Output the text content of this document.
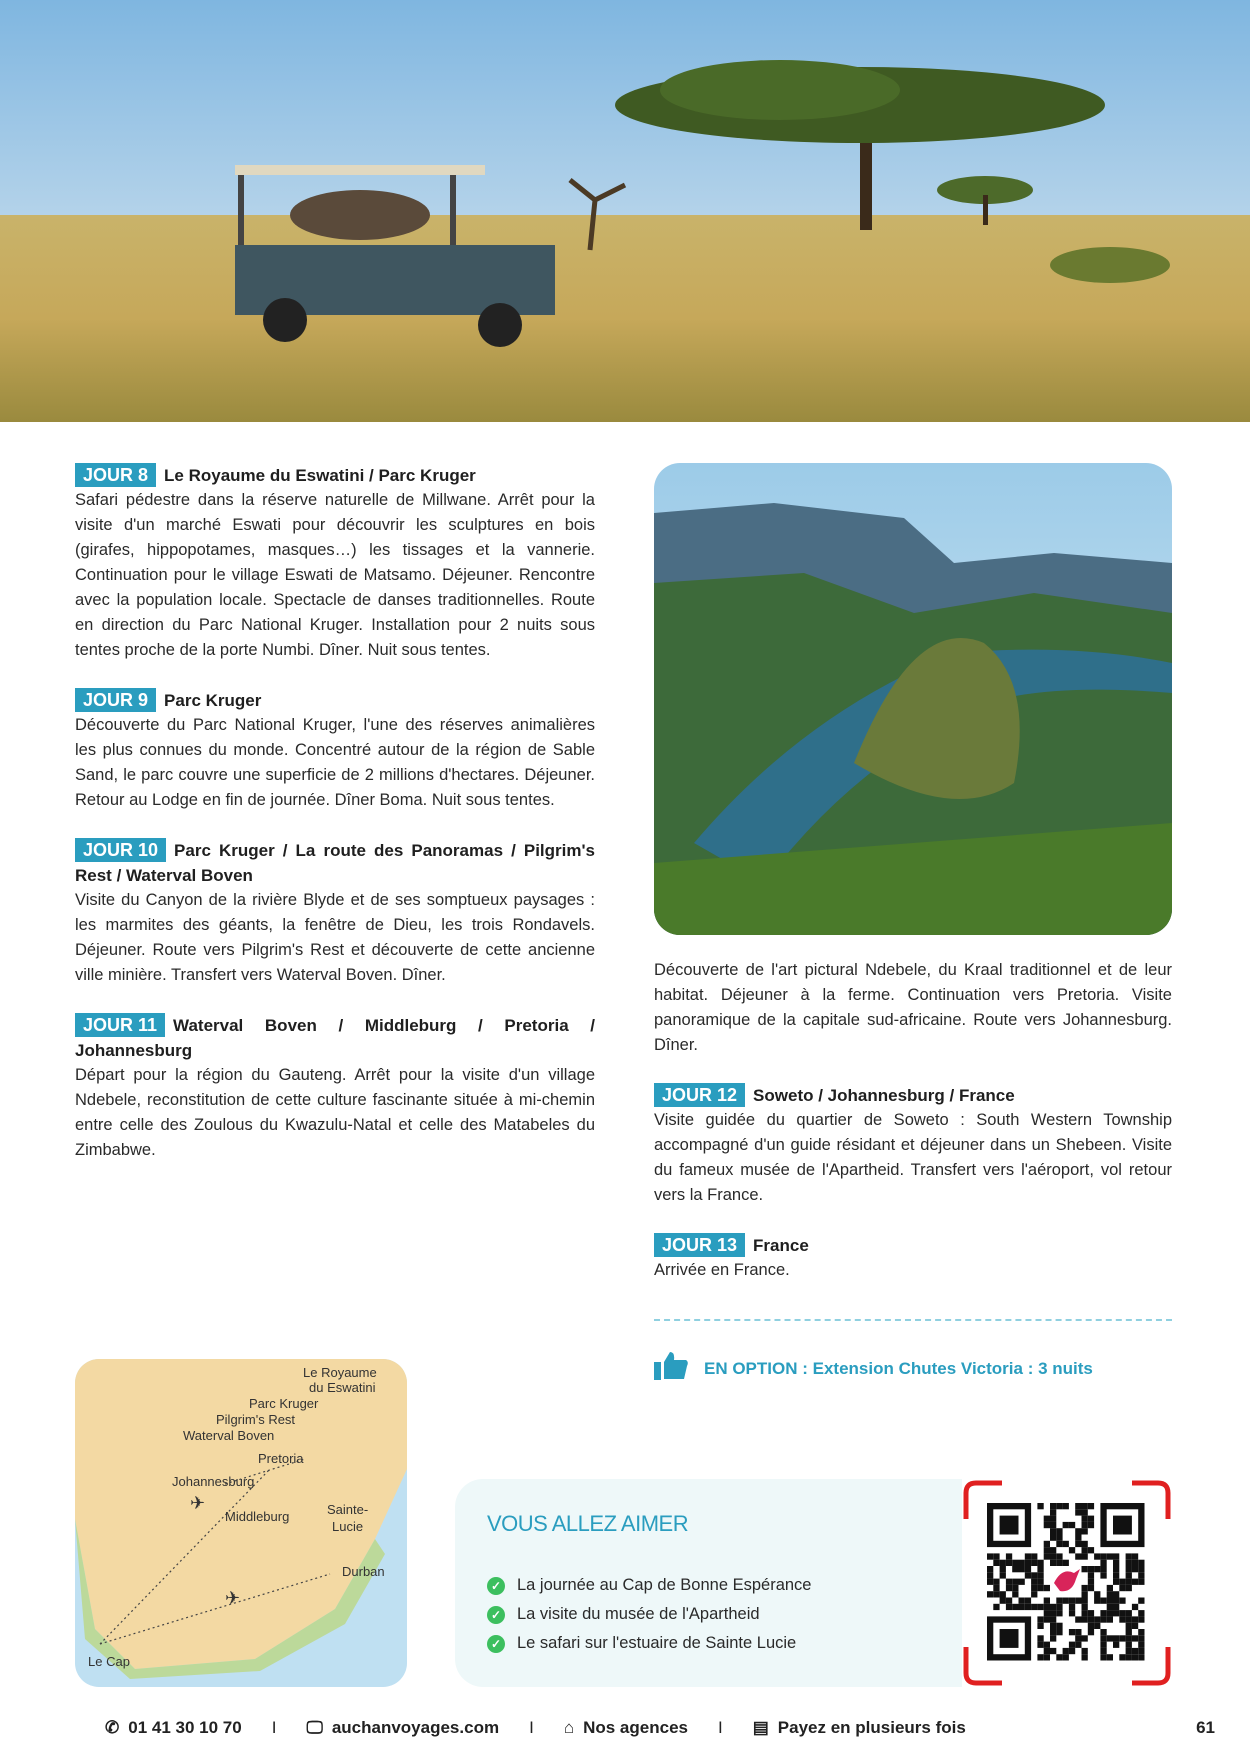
JOUR 8 Le Royaume du Eswatini / Parc Kruger
Safari pédestre dans la réserve naturelle de Millwane. Arrêt pour la visite d'un marché Eswati pour découvrir les sculptures en bois (girafes, hippopotames, masques…) les tissages et la vannerie. Continuation pour le village Eswati de Matsamo. Déjeuner. Rencontre avec la population locale. Spectacle de danses traditionnelles. Route en direction du Parc National Kruger. Installation pour 2 nuits sous tentes proche de la porte Numbi. Dîner. Nuit sous tentes.
JOUR 9 Parc Kruger
Découverte du Parc National Kruger, l'une des réserves animalières les plus connues du monde. Concentré autour de la région de Sable Sand, le parc couvre une superficie de 2 millions d'hectares. Déjeuner. Retour au Lodge en fin de journée. Dîner Boma. Nuit sous tentes.
JOUR 10 Parc Kruger / La route des Panoramas / Pilgrim's Rest / Waterval Boven
Visite du Canyon de la rivière Blyde et de ses somptueux paysages : les marmites des géants, la fenêtre de Dieu, les trois Rondavels. Déjeuner. Route vers Pilgrim's Rest et découverte de cette ancienne ville minière. Transfert vers Waterval Boven. Dîner.
JOUR 11 Waterval Boven / Middleburg / Pretoria / Johannesburg
Départ pour la région du Gauteng. Arrêt pour la visite d'un village Ndebele, reconstitution de cette culture fascinante située à mi-chemin entre celle des Zoulous du Kwazulu-Natal et celle des Matabeles du Zimbabwe.
Découverte de l'art pictural Ndebele, du Kraal traditionnel et de leur habitat. Déjeuner à la ferme. Continuation vers Pretoria. Visite panoramique de la capitale sud-africaine. Route vers Johannesburg. Dîner.
JOUR 12 Soweto / Johannesburg / France
Visite guidée du quartier de Soweto : South Western Township accompagné d'un guide résidant et déjeuner dans un Shebeen. Visite du fameux musée de l'Apartheid. Transfert vers l'aéroport, vol retour vers la France.
JOUR 13 France
Arrivée en France.
EN OPTION : Extension Chutes Victoria : 3 nuits
✈
✈
Le Royaume
du Eswatini
Parc Kruger
Pilgrim's Rest
Waterval Boven
Pretoria
Johannesburg
Middleburg	Sainte-
Lucie
Durban
Le Cap
VOUS ALLEZ AIMER
✓ La journée au Cap de Bonne Espérance
✓ La visite du musée de l'Apartheid
✓ Le safari sur l'estuaire de Sainte Lucie
✆ 01 41 30 10 70 I 🖵 auchanvoyages.com I ⌂ Nos agences I ▤ Payez en plusieurs fois	61
